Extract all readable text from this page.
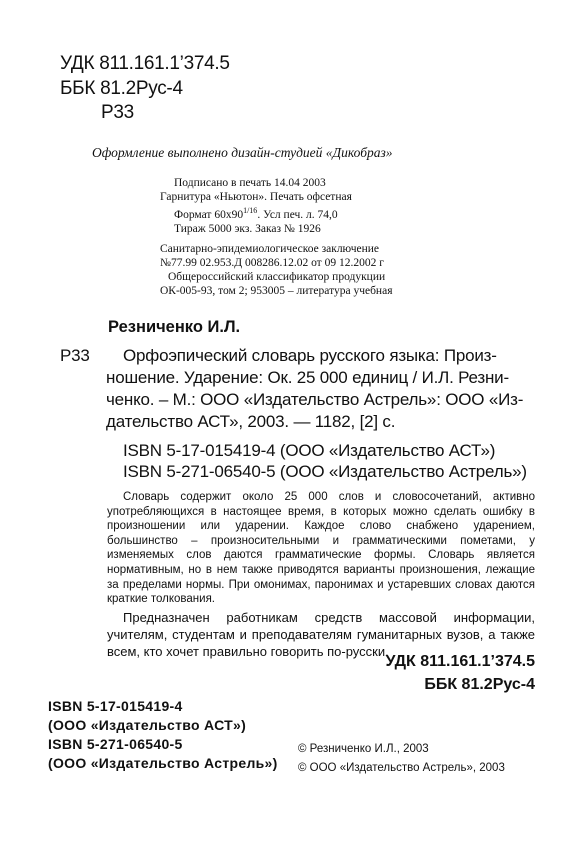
УДК 811.161.1’374.5
ББК 81.2Рус-4
Р33
Оформление выполнено дизайн-студией «Дикобраз»
Подписано в печать 14.04 2003
Гарнитура «Ньютон». Печать офсетная
Формат $60x90^{1/16}$. Усл печ. л. 74,0
Тираж 5000 экз. Заказ № 1926
Санитарно-эпидемиологическое заключение
№77.99 02.953.Д 008286.12.02 от 09 12.2002 г
Общероссийский классификатор продукции
ОК-005-93, том 2; 953005 – литература учебная
Резниченко И.Л.
Р33 Орфоэпический словарь русского языка: Произ-
ношение. Ударение: Ок. 25 000 единиц / И.Л. Резни-
ченко. – М.: ООО «Издательство Астрель»: ООО «Из-
дательство АСТ», 2003. — 1182, [2] с.
ISBN 5-17-015419-4 (ООО «Издательство АСТ»)
ISBN 5-271-06540-5 (ООО «Издательство Астрель»)
Словарь содержит около 25 000 слов и словосочетаний, активно употребляющихся в настоящее время, в которых можно сделать ошибку в произношении или ударении. Каждое слово снабжено ударением, большинство – произносительными и грамматическими пометами, у изменяемых слов даются грамматические формы. Словарь является нормативным, но в нем также приводятся варианты произношения, лежащие за пределами нормы. При омонимах, паронимах и устаревших словах даются краткие толкования.
Предназначен работникам средств массовой информации, учителям, студентам и преподавателям гуманитарных вузов, а также всем, кто хочет правильно говорить по-русски.
УДК 811.161.1’374.5
ББК 81.2Рус-4
ISBN 5-17-015419-4
(ООО «Издательство АСТ»)
ISBN 5-271-06540-5
(ООО «Издательство Астрель»)
© Резниченко И.Л., 2003
© ООО «Издательство Астрель», 2003
